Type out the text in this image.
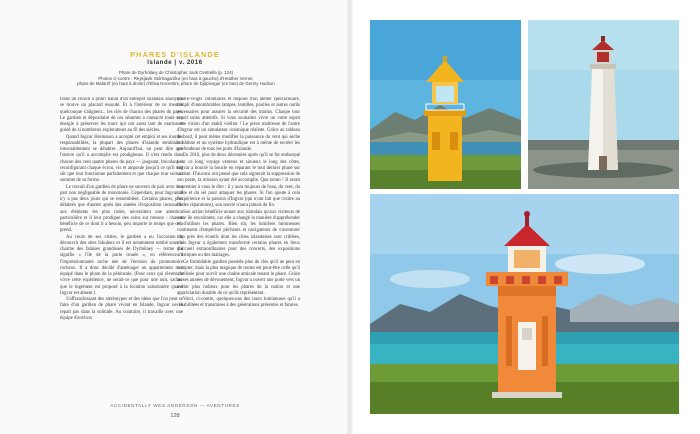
PHARES D'ISLANDE
Islande | v. 2016
Phare de Dyrhólaey de Christopher Jack Centrella (p. 124)
Photos ci-contre : Reykjavik Stórhagariður (en haut à gauche) d'Heather Verner,
phare de Malarrif (en haut à droite) d'Elisa Nocentini, phare de Djúpivogur (en bas) de Gentry Hudson

Dans un recoin a priori banal d'un entrepôt islandais anonyme se trouve un placard essouté. Et à l'intérieur de ce meuble quelconque s'alignent... les clés de chacun des phares du pays. Le gardien et dépositaire de ces sésames a consacré toute son énergie à préserver les tours qui ont aussi tant de marins et guidé de si nombreux explorateurs au fil des siècles.

Quand Ingvar Hreinsson a accepté cet emploi et ses lourdes responsabilités, la plupart des phares d'Islande semblaient inexorablement se délabrer. Aujourd'hui, on peut dire que l'œuvre qu'il a accomplie est prodigieuse. Il s'est rendu dans chacun des cent quatre phares du pays — jaugeant, bricolant et reconfigurant chaque écrou, vis et ampoule jusqu'à ce qu'il soit sûr que tout fonctionne parfaitement et que chaque tour soit au sommet de sa forme.

Le travail d'un gardien de phare ne souvent de pair avec une part non négligeable de monotonie. Cependant, pour Ingvar, il n'y a pas deux jours qui se ressemblent. Certains phares, plus délabrés que d'autres après des années d'exposition incessante aux éléments les plus rudes, nécessitent une attention particulière et il leur prodigue des soins sur mesure : chacun bénéficie de ce dont il a besoin, peu importe le temps que cela prend.

Au cours de ses visites, le gardien a eu l'occasion de découvrir des sites fabuleux et il est notamment tombé sous le charme des falaises grandioses de Dyrhólaey — terme qui signifie « l'île de la porte trouée », en référence à l'impressionnante arche née de l'érosion du promontoire rocheux. Il a donc décidé d'aménager un appartement tout équipé dans le phare de la péninsule. (Pour ceux qui rêvent de vivre cette expérience, ne serait-ce que pour une nuit, sachez que le logement est proposé à la location saisonnière quand Ingvar est absent.)

S'affranchissant des stéréotypes et des idées que l'on peut se faire d'un gardien de phare vivant en Islande, Ingvar ne se repaît pas dans la solitude. Au contraire, il travaille avec une équipe d'environ

quatre-vingts volontaires et dispose d'un atelier spectaculaire, rempli d'innombrables lampes, lentilles, poulies et autres outils nécessaires pour assurer la sécurité des marins. Chaque tour reçoit soins attentifs. Si vous souhaitez vivre un votre esprit cette vision d'un établi vieillot ! Le pièce maîtresse de l'antre d'Ingvar est un simulateur océanique réaliste. Grâce au tableau de bord, il peut même modifier la puissance du vent qui sèche la bâtisse et un système hydraulique est à même de recréer les profondeurs de tous les ports d'Islande.

En 2016, plus de deux décennies après qu'il se fut embarqué pour ce long voyage venteux et sinueux le long des côtes, Ingvar a bouclé la boucle en réparant le tout dernier phare sur sa liste. D'aucuns ont pensé que cela signerait la suppression de son poste, la mission ayant été accomplie. Que nenni ! Il serait le premier à vous le dire : il y aura toujours de l'eau, du vent, du sable et du sel pour attaquer les phares. Si l'on ajoute à cela l'expérience et la passion d'Ingvar (qui n'ont fait que croître au fil des réparations), son œuvre n'aura jamais de fin.

Son action bénéficie autant aux islandais qu'aux visiteurs de cette île envoûtante, car elle a changé la manière d'appréhender et d'utiliser les phares. Bien sûr, les lumières lumineuses continuent d'empêcher pêcheurs et navigateurs de s'aventurer trop près des écueils dont les côtes islandaises sont criblées, mais Ingvar a également transformé certains phares en lieux d'accueil extraordinaires pour des concerts, des expositions artistiques ou des mariages.

Ce formidable gardien possède plus de clés qu'il ne peut en compter, mais la plus magique de toutes est peut-être celle qu'il a utilisée pour ouvrir une chaîne amicale tenant le phare. Grâce au ses années de dévouement, Ingvar a ouvert une porte vers un avenir plus radieux pour les phares de la nation et une appréciation durable de ce qu'ils représentent.

Voici, ci-contre, quelques-uns des tours lumineuses qu'il a réhabilitées et transmises à des générations présentes et futures.

ACCIDENTALLY WES ANDERSON — AVENTURES
128
